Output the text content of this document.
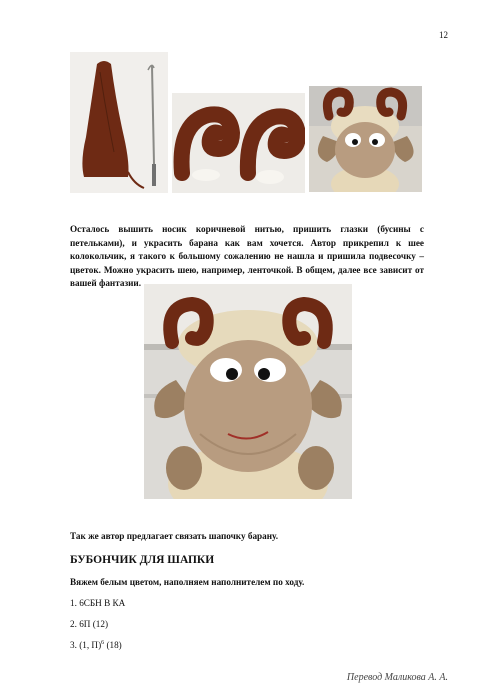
12
Осталось вышить носик коричневой нитью, пришить глазки (бусины с петельками), и украсить барана как вам хочется. Автор прикрепил к шее колокольчик, я такого к большому сожалению не нашла и пришила подвесочку – цветок. Можно украсить шею, например, ленточкой. В общем, далее все зависит от вашей фантазии.
Так же автор предлагает связать шапочку барану.
БУБОНЧИК ДЛЯ ШАПКИ
Вяжем белым цветом, наполняем наполнителем по ходу.
1. 6СБН В КА
2. 6П (12)
3. (1, П)$^6$ (18)
Перевод Маликова А. А.
